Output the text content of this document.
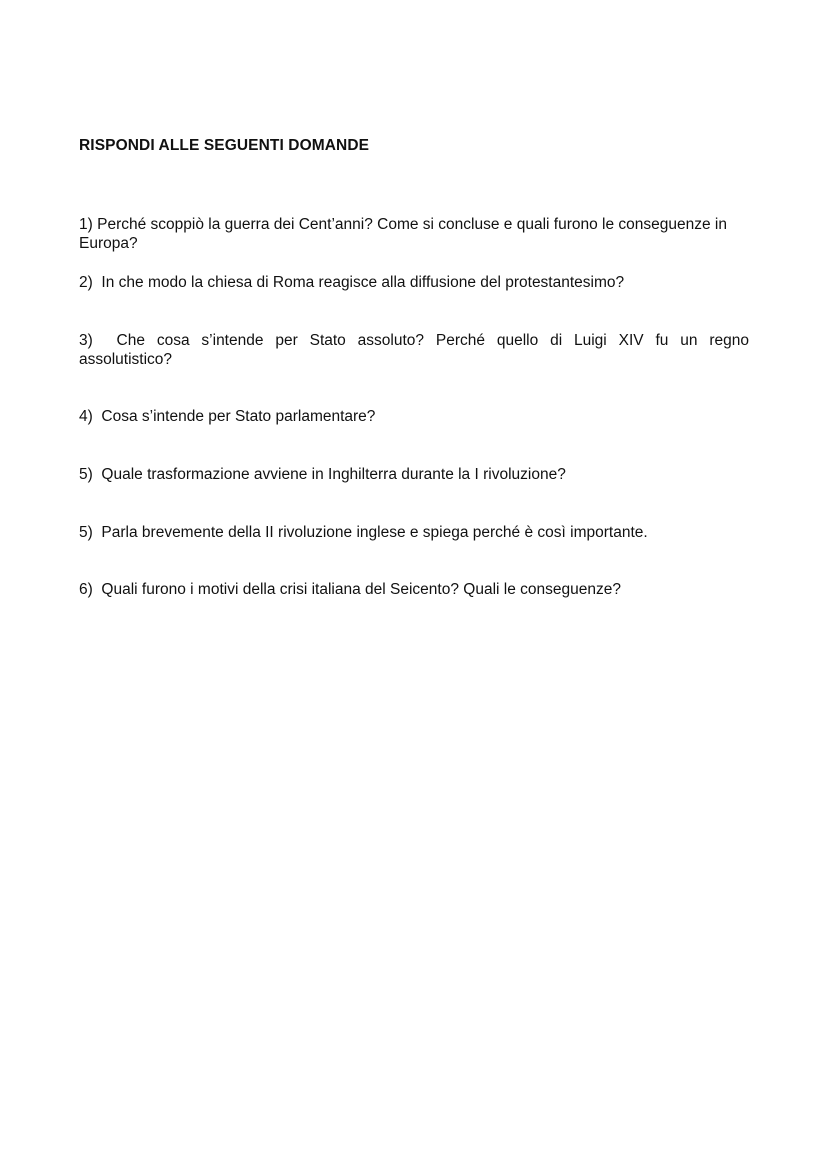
RISPONDI ALLE SEGUENTI DOMANDE

1) Perché scoppiò la guerra dei Cent’anni? Come si concluse e quali furono le conseguenze in Europa?

2) In che modo la chiesa di Roma reagisce alla diffusione del protestantesimo?

3) Che cosa s’intende per Stato assoluto? Perché quello di Luigi XIV fu un regno assolutistico?

4) Cosa s’intende per Stato parlamentare?

5) Quale trasformazione avviene in Inghilterra durante la I rivoluzione?

5) Parla brevemente della II rivoluzione inglese e spiega perché è così importante.

6) Quali furono i motivi della crisi italiana del Seicento? Quali le conseguenze?
